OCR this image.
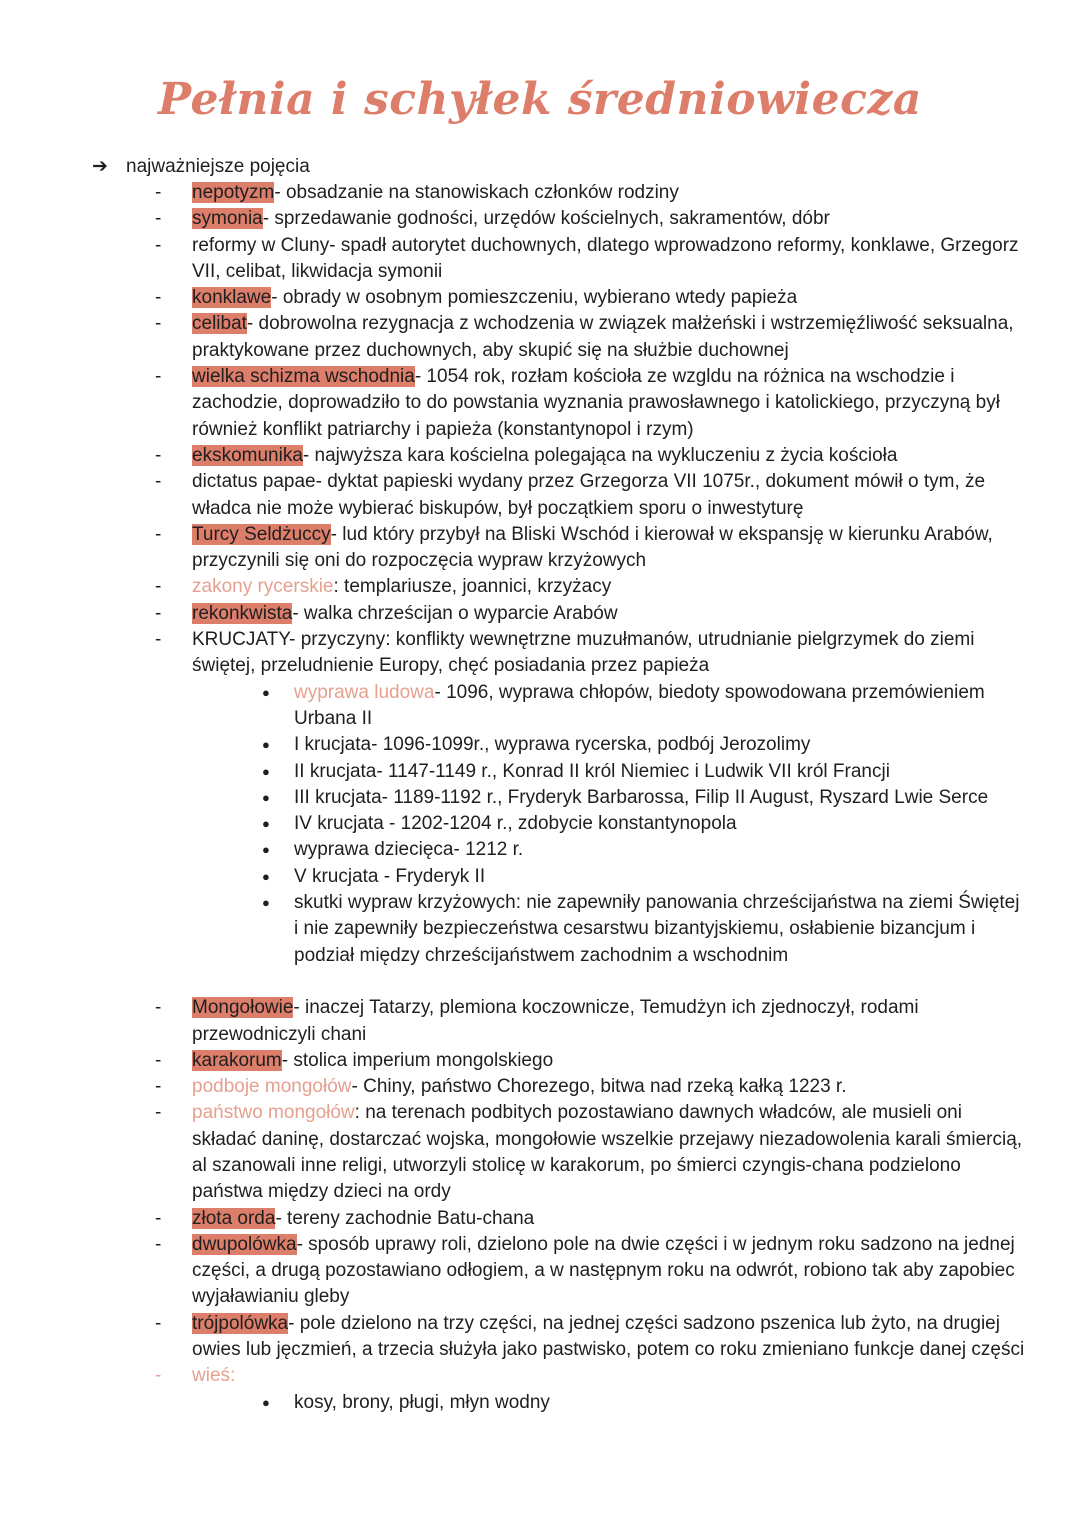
Pełnia i schyłek średniowiecza
➔ najważniejsze pojęcia
- nepotyzm- obsadzanie na stanowiskach członków rodziny
- symonia- sprzedawanie godności, urzędów kościelnych, sakramentów, dóbr
- reformy w Cluny- spadł autorytet duchownych, dlatego wprowadzono reformy, konklawe, Grzegorz VII, celibat, likwidacja symonii
- konklawe- obrady w osobnym pomieszczeniu, wybierano wtedy papieża
- celibat- dobrowolna rezygnacja z wchodzenia w związek małżeński i wstrzemięźliwość seksualna, praktykowane przez duchownych, aby skupić się na służbie duchownej
- wielka schizma wschodnia- 1054 rok, rozłam kościoła ze wzgldu na różnica na wschodzie i zachodzie, doprowadziło to do powstania wyznania prawosławnego i katolickiego, przyczyną był również konflikt patriarchy i papieża (konstantynopol i rzym)
- ekskomunika- najwyższa kara kościelna polegająca na wykluczeniu z życia kościoła
- dictatus papae- dyktat papieski wydany przez Grzegorza VII 1075r., dokument mówił o tym, że władca nie może wybierać biskupów, był początkiem sporu o inwestyturę
- Turcy Seldżuccy- lud który przybył na Bliski Wschód i kierował w ekspansję w kierunku Arabów, przyczynili się oni do rozpoczęcia wypraw krzyżowych
- zakony rycerskie: templariusze, joannici, krzyżacy
- rekonkwista- walka chrześcijan o wyparcie Arabów
- KRUCJATY- przyczyny: konflikty wewnętrzne muzułmanów, utrudnianie pielgrzymek do ziemi świętej, przeludnienie Europy, chęć posiadania przez papieża
● wyprawa ludowa- 1096, wyprawa chłopów, biedoty spowodowana przemówieniem Urbana II
● I krucjata- 1096-1099r., wyprawa rycerska, podbój Jerozolimy
● II krucjata- 1147-1149 r., Konrad II król Niemiec i Ludwik VII król Francji
● III krucjata- 1189-1192 r., Fryderyk Barbarossa, Filip II August, Ryszard Lwie Serce
● IV krucjata - 1202-1204 r., zdobycie konstantynopola
● wyprawa dziecięca- 1212 r.
● V krucjata - Fryderyk II
● skutki wypraw krzyżowych: nie zapewniły panowania chrześcijaństwa na ziemi Świętej i nie zapewniły bezpieczeństwa cesarstwu bizantyjskiemu, osłabienie bizancjum i podział między chrześcijaństwem zachodnim a wschodnim
- Mongołowie- inaczej Tatarzy, plemiona koczownicze, Temudżyn ich zjednoczył, rodami przewodniczyli chani
- karakorum- stolica imperium mongolskiego
- podboje mongołów- Chiny, państwo Chorezego, bitwa nad rzeką kałką 1223 r.
- państwo mongołów: na terenach podbitych pozostawiano dawnych władców, ale musieli oni składać daninę, dostarczać wojska, mongołowie wszelkie przejawy niezadowolenia karali śmiercią, al szanowali inne religi, utworzyli stolicę w karakorum, po śmierci czyngis-chana podzielono państwa między dzieci na ordy
- złota orda- tereny zachodnie Batu-chana
- dwupolówka- sposób uprawy roli, dzielono pole na dwie części i w jednym roku sadzono na jednej części, a drugą pozostawiano odłogiem, a w następnym roku na odwrót, robiono tak aby zapobiec wyjaławianiu gleby
- trójpolówka- pole dzielono na trzy części, na jednej części sadzono pszenica lub żyto, na drugiej owies lub jęczmień, a trzecia służyła jako pastwisko, potem co roku zmieniano funkcje danej części
- wieś:
● kosy, brony, pługi, młyn wodny
